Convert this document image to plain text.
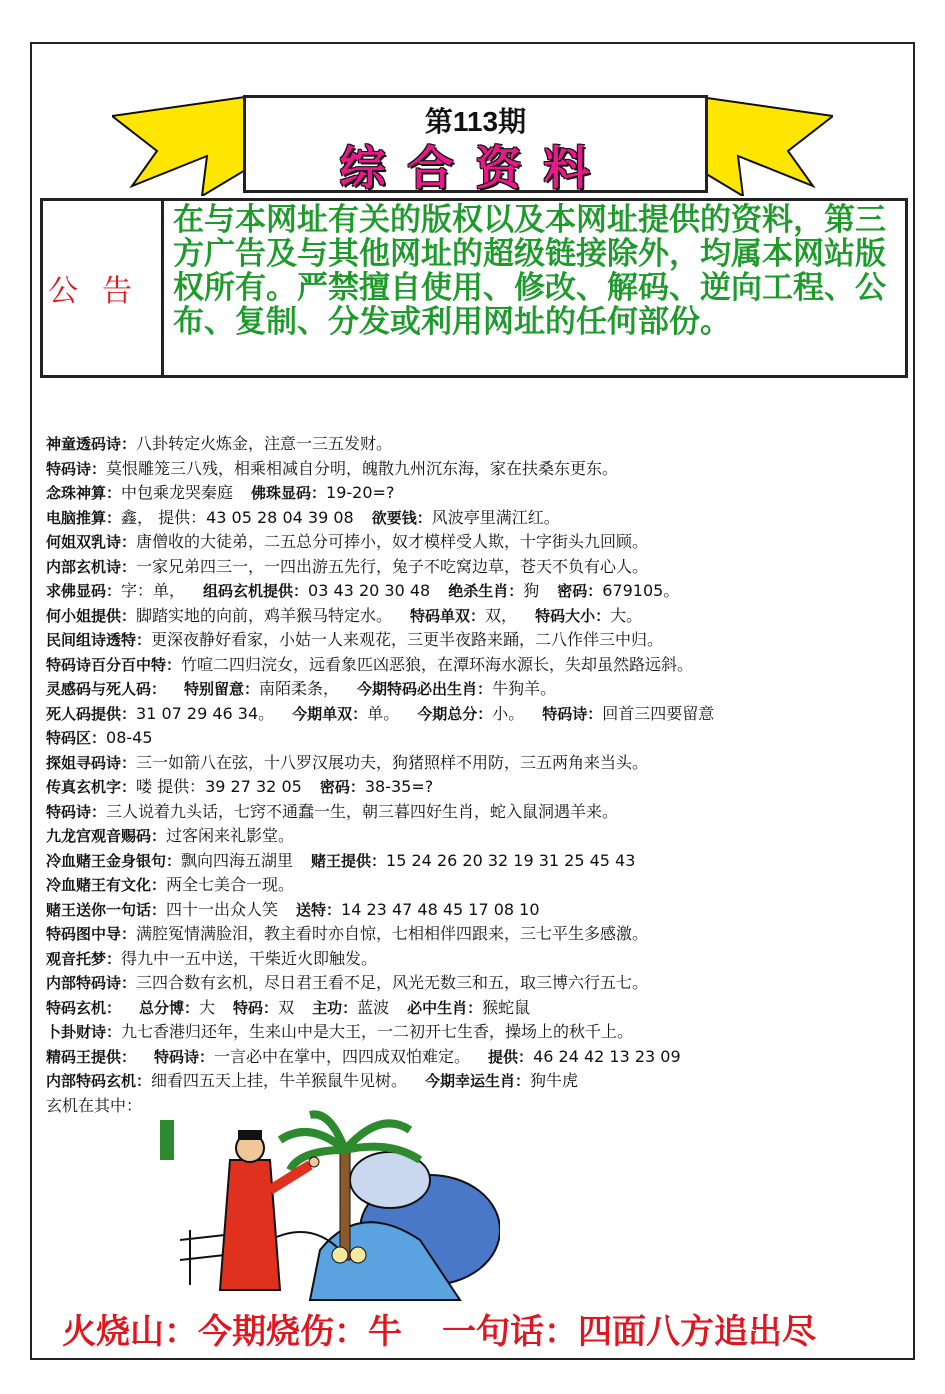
第113期
综合资料
公告
在与本网址有关的版权以及本网址提供的资料，第三方广告及与其他网址的超级链接除外，均属本网站版权所有。严禁擅自使用、修改、解码、逆向工程、公布、复制、分发或利用网址的任何部份。
神童透码诗：八卦转定火炼金，注意一三五发财。
特码诗：莫恨雕笼三八残，相乘相减自分明，魄散九州沉东海，家在扶桑东更东。
念珠神算：中包乘龙哭秦庭 佛珠显码：19-20=?
电脑推算：鑫， 提供：43 05 28 04 39 08 欲要钱：风波亭里满江红。
何姐双乳诗：唐僧收的大徒弟，二五总分可捧小，奴才模样受人欺，十字街头九回顾。
内部玄机诗：一家兄弟四三一，一四出游五先行，兔子不吃窝边草，苍天不负有心人。
求佛显码：字：单， 组码玄机提供：03 43 20 30 48 绝杀生肖：狗 密码：679105。
何小姐提供：脚踏实地的向前，鸡羊猴马特定水。 特码单双：双， 特码大小：大。
民间组诗透特：更深夜静好看家，小姑一人来观花，三更半夜路来踊，二八作伴三中归。
特码诗百分百中特：竹喧二四归浣女，远看象匹凶恶狼，在潭环海水源长，失却虽然路远斜。
灵感码与死人码： 特别留意：南陌柔条， 今期特码必出生肖：牛狗羊。
死人码提供：31 07 29 46 34。 今期单双：单。 今期总分：小。 特码诗：回首三四要留意
特码区：08-45
探姐寻码诗：三一如箭八在弦，十八罗汉展功夫，狗猪照样不用防，三五两角来当头。
传真玄机字：喽 提供：39 27 32 05 密码：38-35=?
特码诗：三人说着九头话，七窍不通蠢一生，朝三暮四好生肖，蛇入鼠洞遇羊来。
九龙宫观音赐码：过客闲来礼影堂。
冷血赌王金身银句：飘向四海五湖里 赌王提供：15 24 26 20 32 19 31 25 45 43
冷血赌王有文化：两全七美合一现。
赌王送你一句话：四十一出众人笑 送特：14 23 47 48 45 17 08 10
特码图中导：满腔冤情满脸泪，教主看时亦自惊，七相相伴四跟来，三七平生多感激。
观音托梦：得九中一五中送，干柴近火即触发。
内部特码诗：三四合数有玄机，尽日君王看不足，风光无数三和五，取三博六行五七。
特码玄机： 总分博：大 特码：双 主功：蓝波 必中生肖：猴蛇鼠
卜卦财诗：九七香港归还年，生来山中是大王，一二初开七生香，操场上的秋千上。
精码王提供： 特码诗：一言必中在掌中，四四成双怕难定。 提供：46 24 42 13 23 09
内部特码玄机：细看四五天上挂，牛羊猴鼠牛见树。 今期幸运生肖：狗牛虎
玄机在其中：
火烧山：今期烧伤：牛 一句话：四面八方追出尽
